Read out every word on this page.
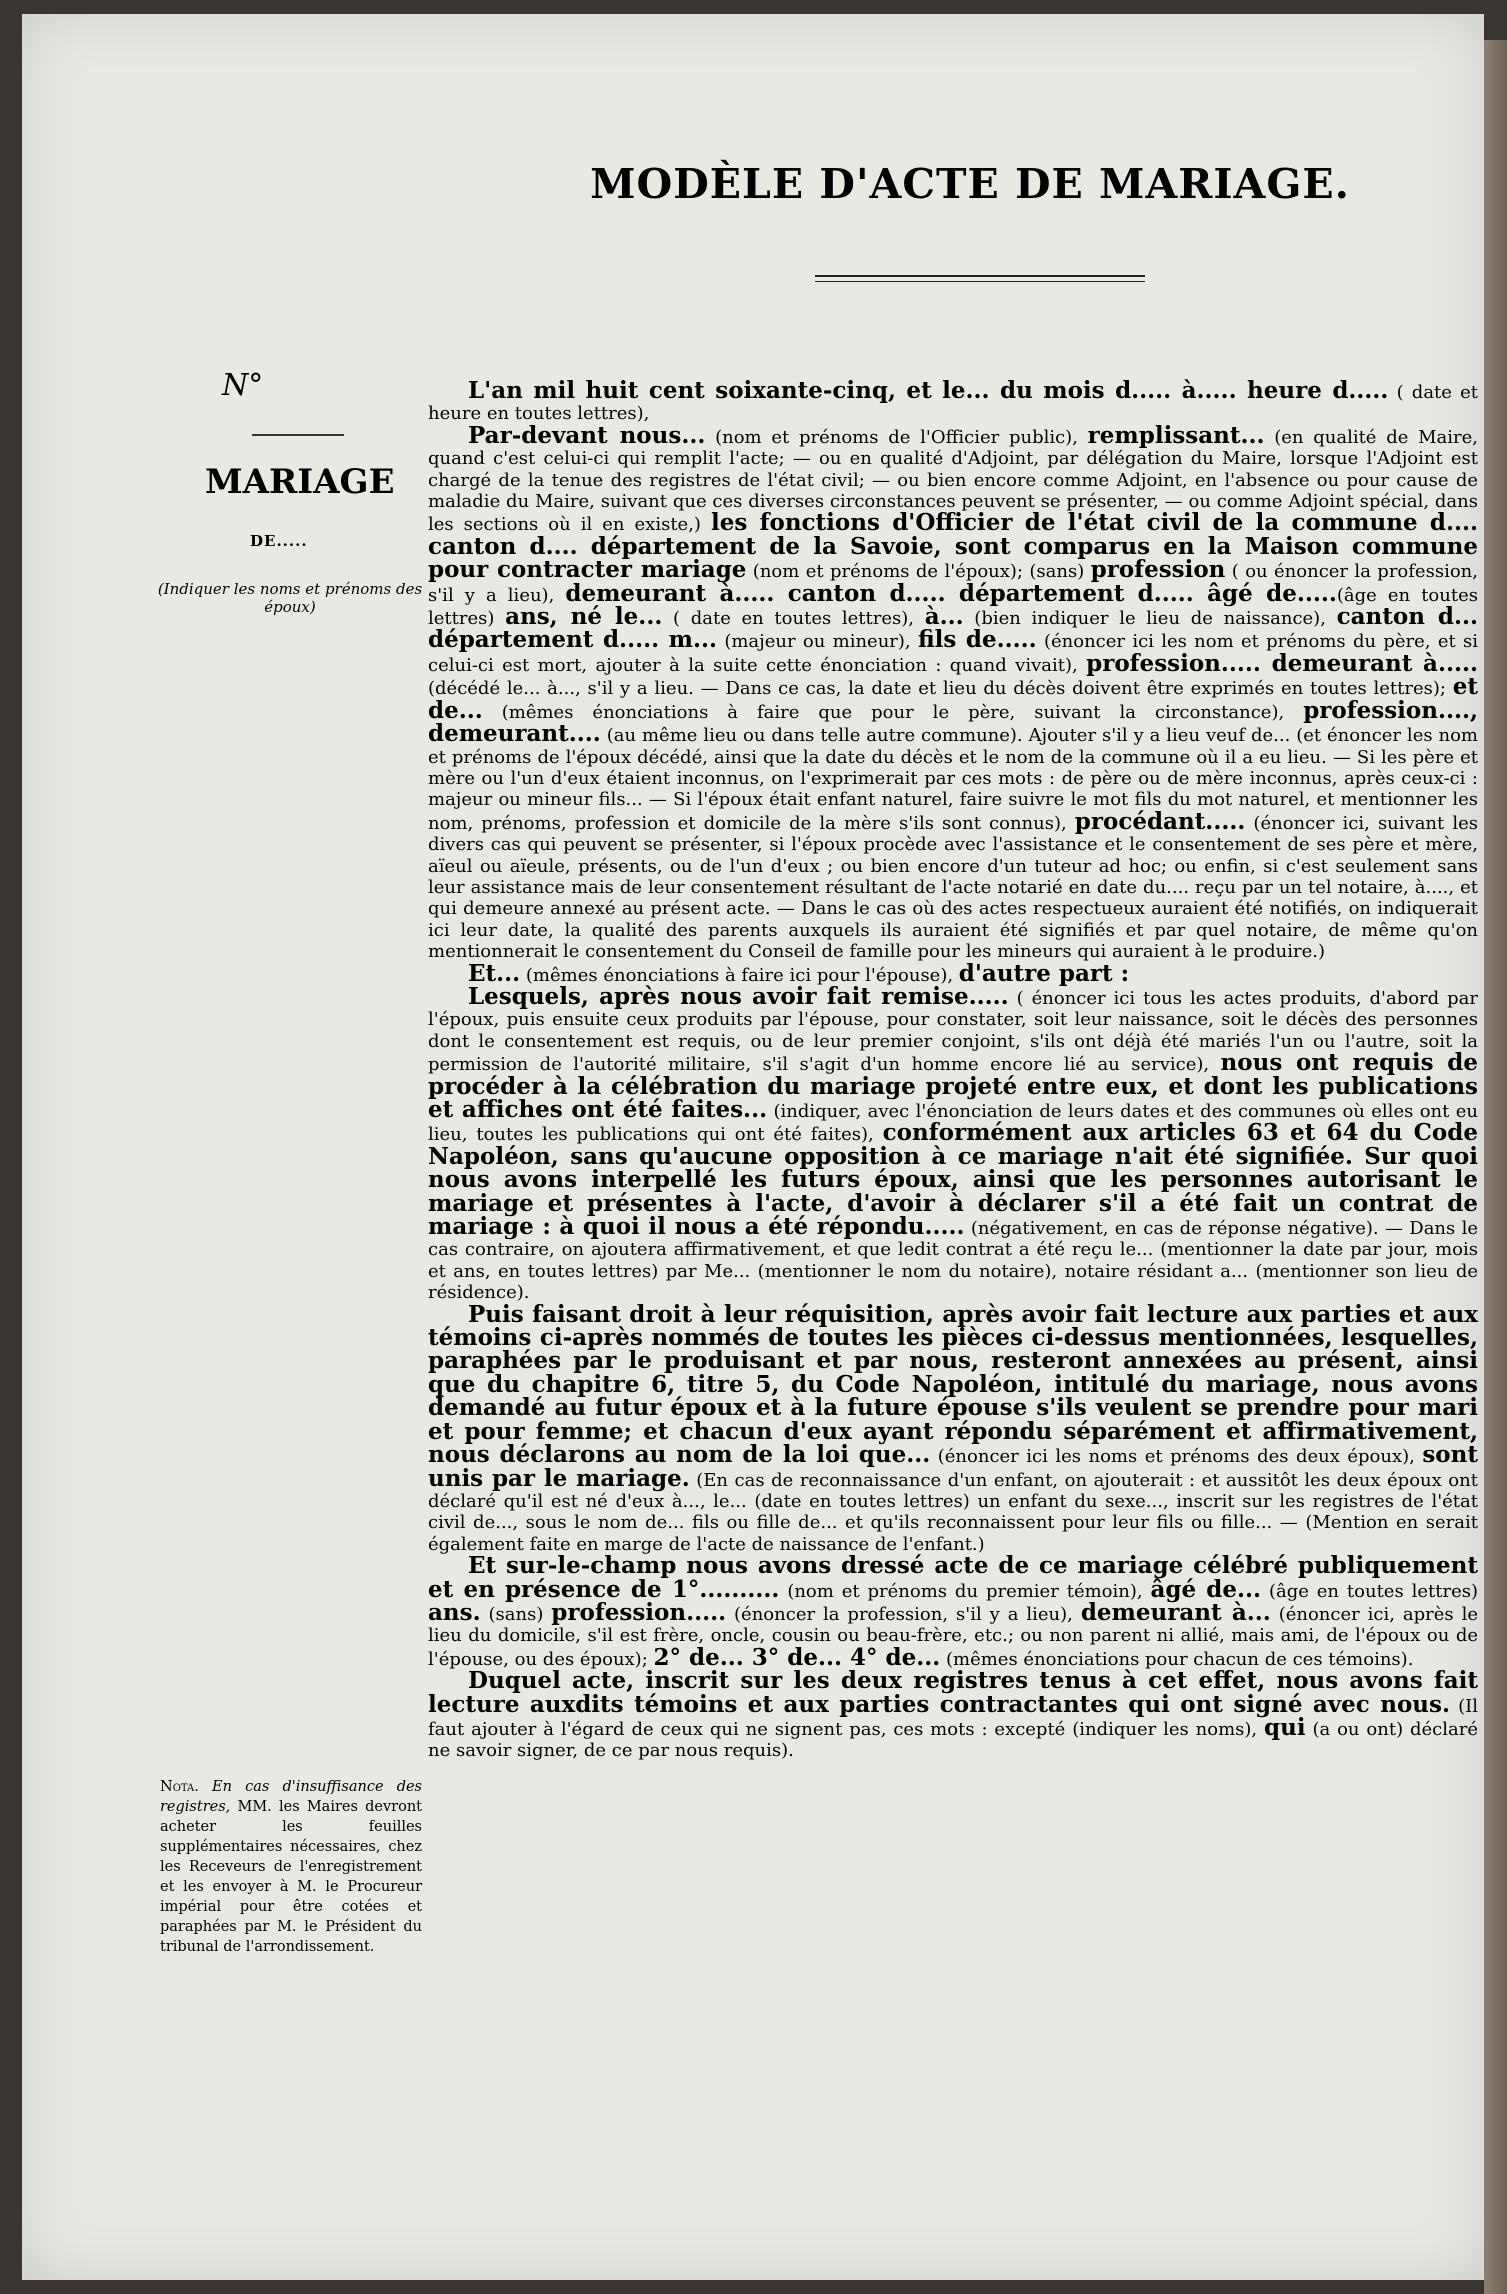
MODÈLE D'ACTE DE MARIAGE.
N°
MARIAGE
DE.....
(Indiquer les noms et prénoms des époux)
Nota. En cas d'insuffisance des registres, MM. les Maires devront acheter les feuilles supplémentaires nécessaires, chez les Receveurs de l'enregistrement et les envoyer à M. le Procureur impérial pour être cotées et paraphées par M. le Président du tribunal de l'arrondissement.

L'an mil huit cent soixante-cinq, et le... du mois d..... à..... heure d..... ( date et heure en toutes lettres),

Par-devant nous... (nom et prénoms de l'Officier public), remplissant... (en qualité de Maire, quand c'est celui-ci qui remplit l'acte; — ou en qualité d'Adjoint, par délégation du Maire, lorsque l'Adjoint est chargé de la tenue des registres de l'état civil; — ou bien encore comme Adjoint, en l'absence ou pour cause de maladie du Maire, suivant que ces diverses circonstances peuvent se présenter, — ou comme Adjoint spécial, dans les sections où il en existe,) les fonctions d'Officier de l'état civil de la commune d.... canton d.... département de la Savoie, sont comparus en la Maison commune pour contracter mariage (nom et prénoms de l'époux); (sans) profession ( ou énoncer la profession, s'il y a lieu), demeurant à..... canton d..... département d..... âgé de.....(âge en toutes lettres) ans, né le... ( date en toutes lettres), à... (bien indiquer le lieu de naissance), canton d... département d..... m... (majeur ou mineur), fils de..... (énoncer ici les nom et prénoms du père, et si celui-ci est mort, ajouter à la suite cette énonciation : quand vivait), profession..... demeurant à..... (décédé le... à..., s'il y a lieu. — Dans ce cas, la date et lieu du décès doivent être exprimés en toutes lettres); et de... (mêmes énonciations à faire que pour le père, suivant la circonstance), profession...., demeurant.... (au même lieu ou dans telle autre commune). Ajouter s'il y a lieu veuf de... (et énoncer les nom et prénoms de l'époux décédé, ainsi que la date du décès et le nom de la commune où il a eu lieu. — Si les père et mère ou l'un d'eux étaient inconnus, on l'exprimerait par ces mots : de père ou de mère inconnus, après ceux-ci : majeur ou mineur fils... — Si l'époux était enfant naturel, faire suivre le mot fils du mot naturel, et mentionner les nom, prénoms, profession et domicile de la mère s'ils sont connus), procédant..... (énoncer ici, suivant les divers cas qui peuvent se présenter, si l'époux procède avec l'assistance et le consentement de ses père et mère, aïeul ou aïeule, présents, ou de l'un d'eux ; ou bien encore d'un tuteur ad hoc; ou enfin, si c'est seulement sans leur assistance mais de leur consentement résultant de l'acte notarié en date du.... reçu par un tel notaire, à...., et qui demeure annexé au présent acte. — Dans le cas où des actes respectueux auraient été notifiés, on indiquerait ici leur date, la qualité des parents auxquels ils auraient été signifiés et par quel notaire, de même qu'on mentionnerait le consentement du Conseil de famille pour les mineurs qui auraient à le produire.)

Et... (mêmes énonciations à faire ici pour l'épouse), d'autre part :

Lesquels, après nous avoir fait remise..... ( énoncer ici tous les actes produits, d'abord par l'époux, puis ensuite ceux produits par l'épouse, pour constater, soit leur naissance, soit le décès des personnes dont le consentement est requis, ou de leur premier conjoint, s'ils ont déjà été mariés l'un ou l'autre, soit la permission de l'autorité militaire, s'il s'agit d'un homme encore lié au service), nous ont requis de procéder à la célébration du mariage projeté entre eux, et dont les publications et affiches ont été faites... (indiquer, avec l'énonciation de leurs dates et des communes où elles ont eu lieu, toutes les publications qui ont été faites), conformément aux articles 63 et 64 du Code Napoléon, sans qu'aucune opposition à ce mariage n'ait été signifiée. Sur quoi nous avons interpellé les futurs époux, ainsi que les personnes autorisant le mariage et présentes à l'acte, d'avoir à déclarer s'il a été fait un contrat de mariage : à quoi il nous a été répondu..... (négativement, en cas de réponse négative). — Dans le cas contraire, on ajoutera affirmativement, et que ledit contrat a été reçu le... (mentionner la date par jour, mois et ans, en toutes lettres) par Me... (mentionner le nom du notaire), notaire résidant a... (mentionner son lieu de résidence).

Puis faisant droit à leur réquisition, après avoir fait lecture aux parties et aux témoins ci-après nommés de toutes les pièces ci-dessus mentionnées, lesquelles, paraphées par le produisant et par nous, resteront annexées au présent, ainsi que du chapitre 6, titre 5, du Code Napoléon, intitulé du mariage, nous avons demandé au futur époux et à la future épouse s'ils veulent se prendre pour mari et pour femme; et chacun d'eux ayant répondu séparément et affirmativement, nous déclarons au nom de la loi que... (énoncer ici les noms et prénoms des deux époux), sont unis par le mariage. (En cas de reconnaissance d'un enfant, on ajouterait : et aussitôt les deux époux ont déclaré qu'il est né d'eux à..., le... (date en toutes lettres) un enfant du sexe..., inscrit sur les registres de l'état civil de..., sous le nom de... fils ou fille de... et qu'ils reconnaissent pour leur fils ou fille... — (Mention en serait également faite en marge de l'acte de naissance de l'enfant.)

Et sur-le-champ nous avons dressé acte de ce mariage célébré publiquement et en présence de 1°.......... (nom et prénoms du premier témoin), âgé de... (âge en toutes lettres) ans. (sans) profession..... (énoncer la profession, s'il y a lieu), demeurant à... (énoncer ici, après le lieu du domicile, s'il est frère, oncle, cousin ou beau-frère, etc.; ou non parent ni allié, mais ami, de l'époux ou de l'épouse, ou des époux); 2° de... 3° de... 4° de... (mêmes énonciations pour chacun de ces témoins).

Duquel acte, inscrit sur les deux registres tenus à cet effet, nous avons fait lecture auxdits témoins et aux parties contractantes qui ont signé avec nous. (Il faut ajouter à l'égard de ceux qui ne signent pas, ces mots : excepté (indiquer les noms), qui (a ou ont) déclaré ne savoir signer, de ce par nous requis).
